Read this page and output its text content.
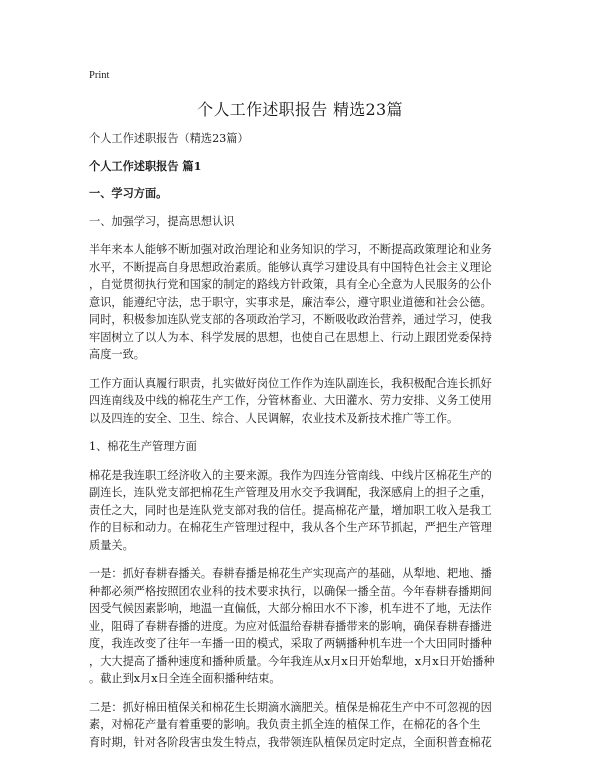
Print
个人工作述职报告 精选23篇

个人工作述职报告（精选23篇）

个人工作述职报告 篇1

一、学习方面。

一、加强学习，提高思想认识

半年来本人能够不断加强对政治理论和业务知识的学习，不断提高政策理论和业务

水平，不断提高自身思想政治素质。能够认真学习建设具有中国特色社会主义理论

，自觉贯彻执行党和国家的制定的路线方针政策，具有全心全意为人民服务的公仆

意识，能遵纪守法，忠于职守，实事求是，廉洁奉公，遵守职业道德和社会公德。

同时，积极参加连队党支部的各项政治学习，不断吸收政治营养，通过学习，使我

牢固树立了以人为本、科学发展的思想，也使自己在思想上、行动上跟团党委保持

高度一致。

工作方面认真履行职责，扎实做好岗位工作作为连队副连长，我积极配合连长抓好

四连南线及中线的棉花生产工作，分管林畜业、大田灌水、劳力安排、义务工使用

以及四连的安全、卫生、综合、人民调解，农业技术及新技术推广等工作。

1、棉花生产管理方面

棉花是我连职工经济收入的主要来源。我作为四连分管南线、中线片区棉花生产的

副连长，连队党支部把棉花生产管理及用水交予我调配，我深感肩上的担子之重，

责任之大，同时也是连队党支部对我的信任。提高棉花产量，增加职工收入是我工

作的目标和动力。在棉花生产管理过程中，我从各个生产环节抓起，严把生产管理

质量关。

一是：抓好春耕春播关。春耕春播是棉花生产实现高产的基础，从犁地、耙地、播

种都必须严格按照团农业科的技术要求执行，以确保一播全苗。今年春耕春播期间

因受气候因素影响，地温一直偏低，大部分棉田水不下渗，机车进不了地，无法作

业，阻碍了春耕春播的进度。为应对低温给春耕春播带来的影响，确保春耕春播进

度，我连改变了往年一车播一田的模式，采取了两辆播种机车进一个大田同时播种

，大大提高了播种速度和播种质量。今年我连从x月x日开始犁地，x月x日开始播种

。截止到x月x日全连全面积播种结束。

二是：抓好棉田植保关和棉花生长期滴水滴肥关。植保是棉花生产中不可忽视的因

素，对棉花产量有着重要的影响。我负责主抓全连的植保工作，在棉花的各个生

育时期，针对各阶段害虫发生特点，我带领连队植保员定时定点，全面积普查棉花
